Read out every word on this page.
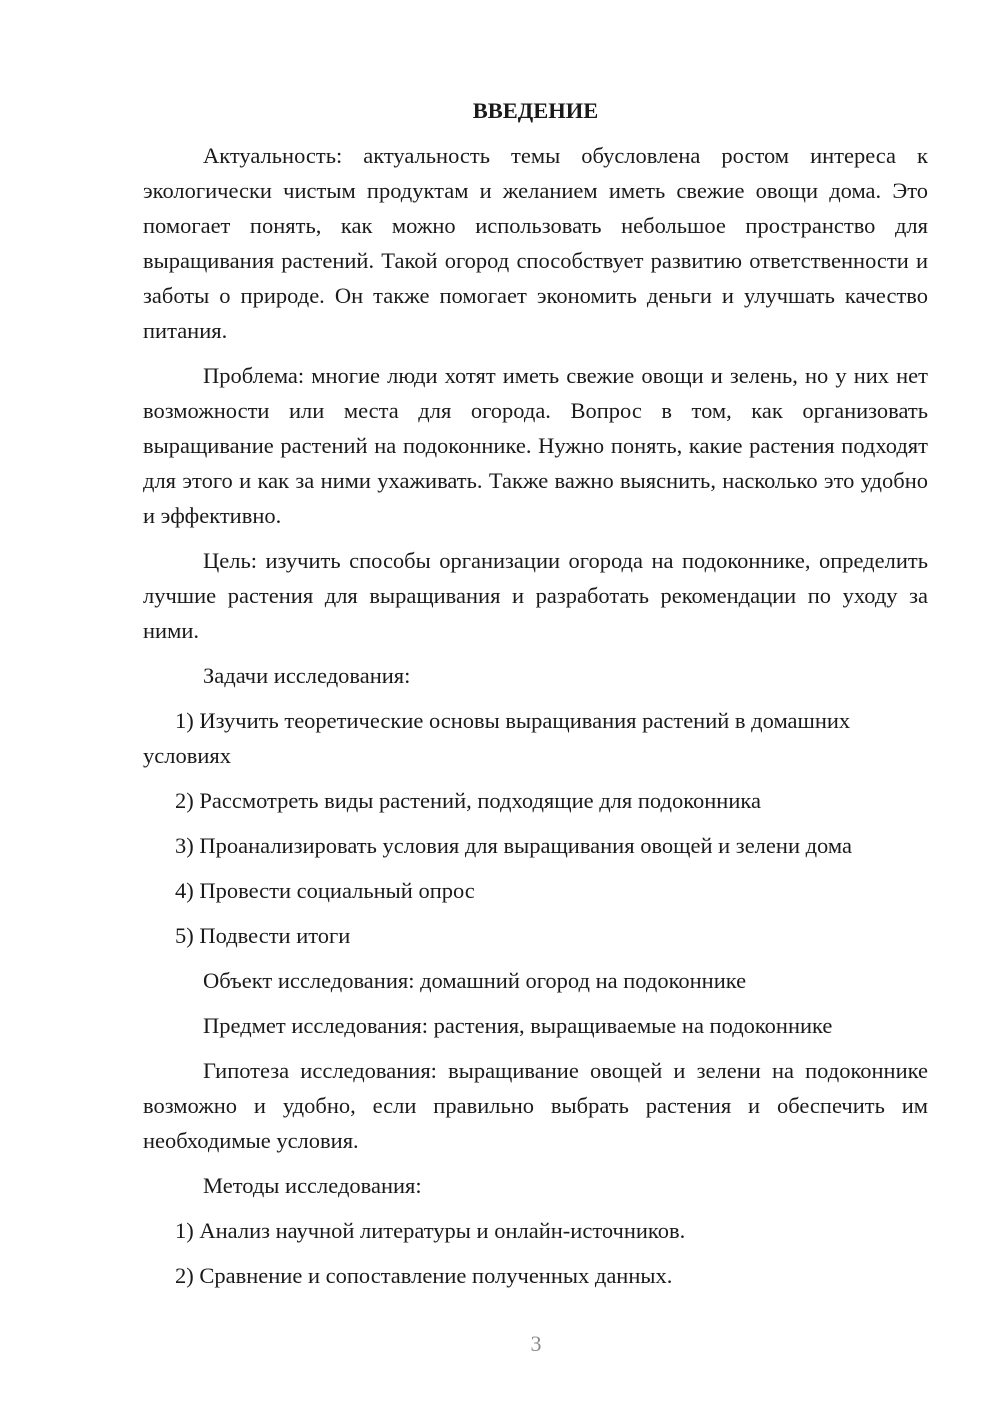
ВВЕДЕНИЕ

Актуальность: актуальность темы обусловлена ростом интереса к экологически чистым продуктам и желанием иметь свежие овощи дома. Это помогает понять, как можно использовать небольшое пространство для выращивания растений. Такой огород способствует развитию ответственности и заботы о природе. Он также помогает экономить деньги и улучшать качество питания.

Проблема: многие люди хотят иметь свежие овощи и зелень, но у них нет возможности или места для огорода. Вопрос в том, как организовать выращивание растений на подоконнике. Нужно понять, какие растения подходят для этого и как за ними ухаживать. Также важно выяснить, насколько это удобно и эффективно.

Цель: изучить способы организации огорода на подоконнике, определить лучшие растения для выращивания и разработать рекомендации по уходу за ними.

Задачи исследования:

1) Изучить теоретические основы выращивания растений в домашних условиях

2) Рассмотреть виды растений, подходящие для подоконника

3) Проанализировать условия для выращивания овощей и зелени дома

4) Провести социальный опрос

5) Подвести итоги

Объект исследования: домашний огород на подоконнике

Предмет исследования: растения, выращиваемые на подоконнике

Гипотеза исследования: выращивание овощей и зелени на подоконнике возможно и удобно, если правильно выбрать растения и обеспечить им необходимые условия.

Методы исследования:

1) Анализ научной литературы и онлайн-источников.

2) Сравнение и сопоставление полученных данных.

3
